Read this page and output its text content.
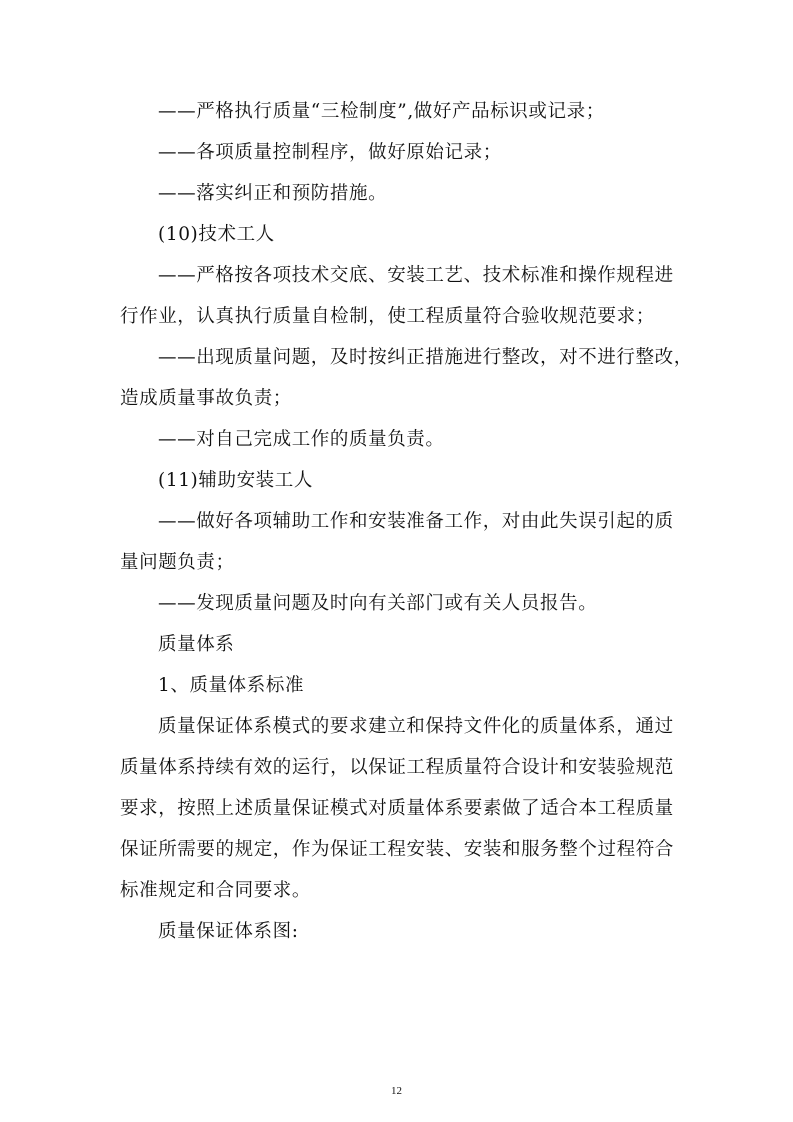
——严格执行质量“三检制度”,做好产品标识或记录；
——各项质量控制程序，做好原始记录；
——落实纠正和预防措施。
(10)技术工人
——严格按各项技术交底、安装工艺、技术标准和操作规程进
行作业，认真执行质量自检制，使工程质量符合验收规范要求；
——出现质量问题，及时按纠正措施进行整改，对不进行整改，
造成质量事故负责；
——对自己完成工作的质量负责。
(11)辅助安装工人
——做好各项辅助工作和安装准备工作，对由此失误引起的质
量问题负责；
——发现质量问题及时向有关部门或有关人员报告。
质量体系
1、质量体系标准
质量保证体系模式的要求建立和保持文件化的质量体系，通过
质量体系持续有效的运行，以保证工程质量符合设计和安装验规范
要求，按照上述质量保证模式对质量体系要素做了适合本工程质量
保证所需要的规定，作为保证工程安装、安装和服务整个过程符合
标准规定和合同要求。
质量保证体系图:
12
